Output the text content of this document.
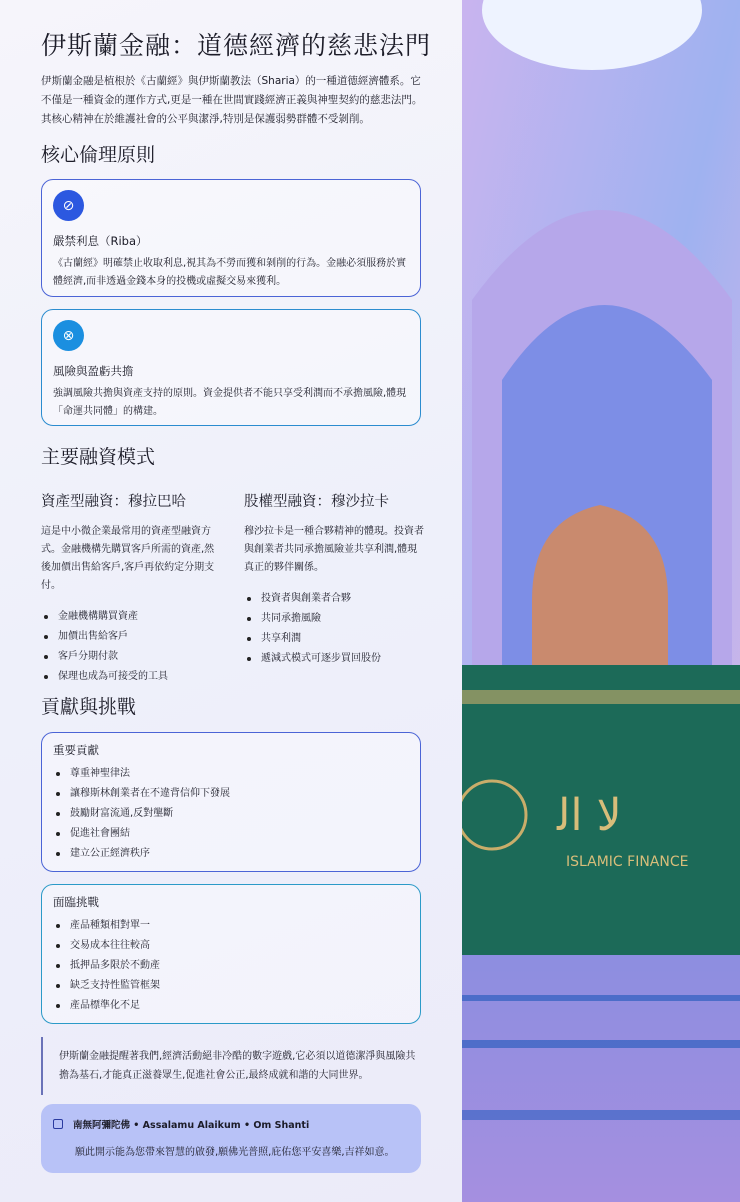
伊斯蘭金融：道德經濟的慈悲法門

伊斯蘭金融是植根於《古蘭經》與伊斯蘭教法（Sharia）的一種道德經濟體系。它不僅是一種資金的運作方式,更是一種在世間實踐經濟正義與神聖契約的慈悲法門。其核心精神在於維護社會的公平與潔淨,特別是保護弱勢群體不受剝削。

核心倫理原則
⊘
嚴禁利息（Riba）
《古蘭經》明確禁止收取利息,視其為不勞而獲和剝削的行為。金融必須服務於實體經濟,而非透過金錢本身的投機或虛擬交易來獲利。
⊗
風險與盈虧共擔
強調風險共擔與資產支持的原則。資金提供者不能只享受利潤而不承擔風險,體現「命運共同體」的構建。
主要融資模式
資產型融資：穆拉巴哈

這是中小微企業最常用的資產型融資方式。金融機構先購買客戶所需的資產,然後加價出售給客戶,客戶再依約定分期支付。

金融機構購買資產
加價出售給客戶
客戶分期付款
保理也成為可接受的工具
股權型融資：穆沙拉卡

穆沙拉卡是一種合夥精神的體現。投資者與創業者共同承擔風險並共享利潤,體現真正的夥伴關係。

投資者與創業者合夥
共同承擔風險
共享利潤
遞減式模式可逐步買回股份
貢獻與挑戰
重要貢獻
尊重神聖律法
讓穆斯林創業者在不違背信仰下發展
鼓勵財富流通,反對壟斷
促進社會團結
建立公正經濟秩序
面臨挑戰
產品種類相對單一
交易成本往往較高
抵押品多限於不動產
缺乏支持性監管框架
產品標準化不足
伊斯蘭金融提醒著我們,經濟活動絕非冷酷的數字遊戲,它必須以道德潔淨與風險共擔為基石,才能真正滋養眾生,促進社會公正,最終成就和諧的大同世界。
南無阿彌陀佛 • Assalamu Alaikum • Om Shanti
願此開示能為您帶來智慧的啟發,願佛光普照,庇佑您平安喜樂,吉祥如意。
ﻻ ﺍﻟ
ISLAMIC FINANCE
